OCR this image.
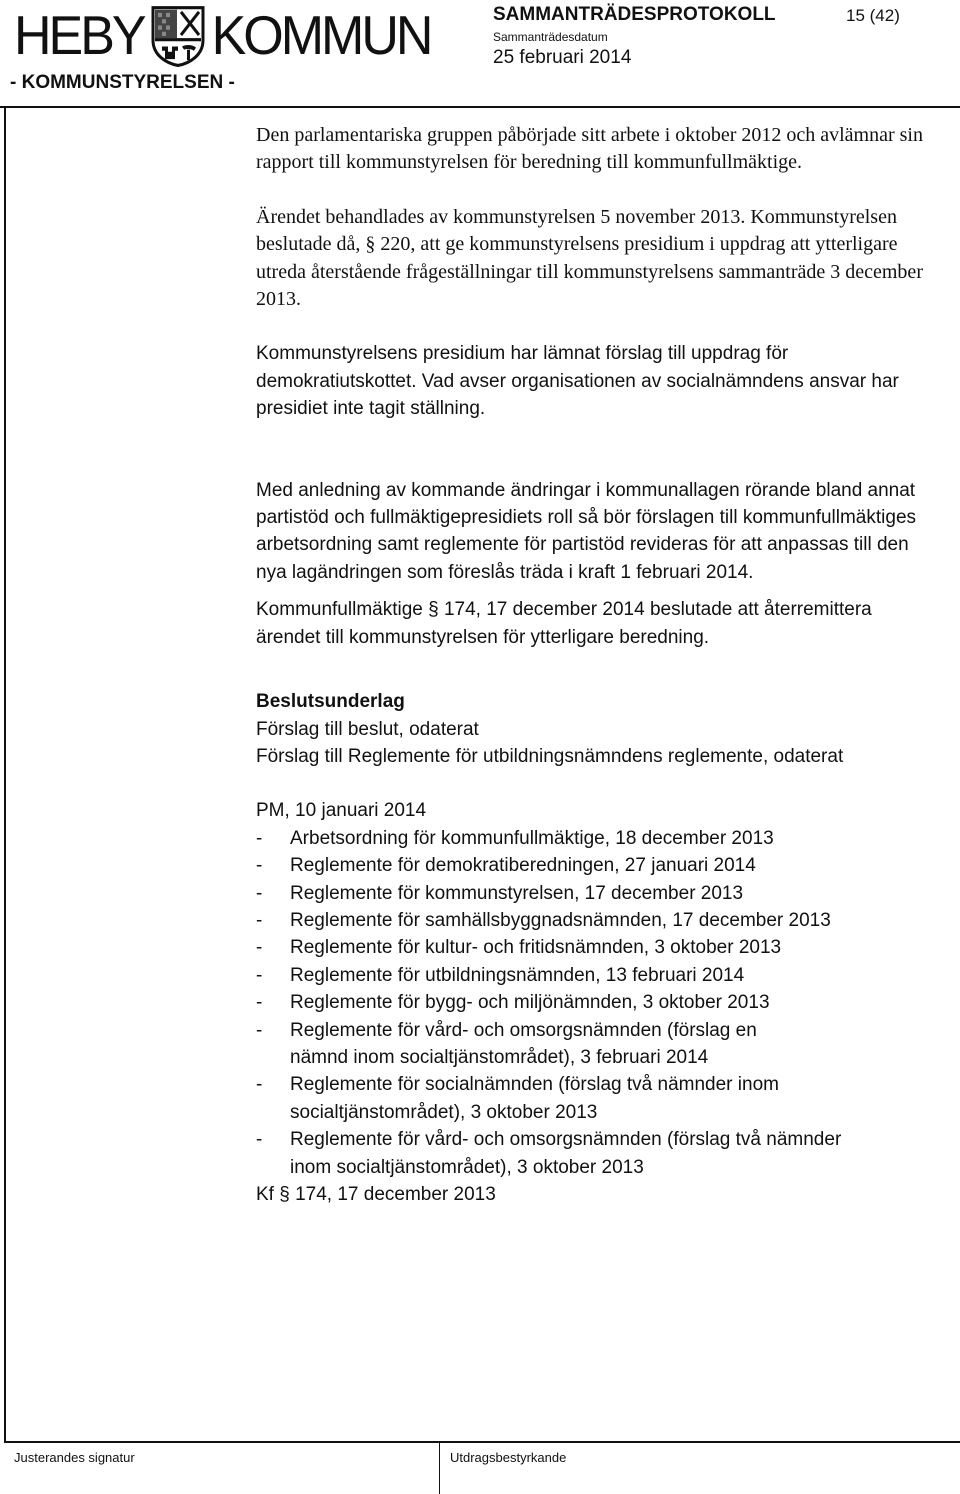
HEBY KOMMUN
- KOMMUNSTYRELSEN -
SAMMANTRÄDESPROTOKOLL	15 (42)
Sammanträdesdatum
25 februari 2014

Den parlamentariska gruppen påbörjade sitt arbete i oktober 2012 och avlämnar sin rapport till kommunstyrelsen för beredning till kommunfullmäktige.

Ärendet behandlades av kommunstyrelsen 5 november 2013. Kommunstyrelsen beslutade då, § 220, att ge kommunstyrelsens presidium i uppdrag att ytterligare utreda återstående frågeställningar till kommunstyrelsens sammanträde 3 december 2013.

Kommunstyrelsens presidium har lämnat förslag till uppdrag för demokratiutskottet. Vad avser organisationen av socialnämndens ansvar har presidiet inte tagit ställning.

Med anledning av kommande ändringar i kommunallagen rörande bland annat partistöd och fullmäktigepresidiets roll så bör förslagen till kommunfullmäktiges arbetsordning samt reglemente för partistöd revideras för att anpassas till den nya lagändringen som föreslås träda i kraft 1 februari 2014.

Kommunfullmäktige § 174, 17 december 2014 beslutade att återremittera ärendet till kommunstyrelsen för ytterligare beredning.

Beslutsunderlag

Förslag till beslut, odaterat

Förslag till Reglemente för utbildningsnämndens reglemente, odaterat

PM, 10 januari 2014

- Arbetsordning för kommunfullmäktige, 18 december 2013
- Reglemente för demokratiberedningen, 27 januari 2014
- Reglemente för kommunstyrelsen, 17 december 2013
- Reglemente för samhällsbyggnadsnämnden, 17 december 2013
- Reglemente för kultur- och fritidsnämnden, 3 oktober 2013
- Reglemente för utbildningsnämnden, 13 februari 2014
- Reglemente för bygg- och miljönämnden, 3 oktober 2013
- Reglemente för vård- och omsorgsnämnden (förslag en nämnd inom socialtjänstområdet), 3 februari 2014
- Reglemente för socialnämnden (förslag två nämnder inom socialtjänstområdet), 3 oktober 2013
- Reglemente för vård- och omsorgsnämnden (förslag två nämnder inom socialtjänstområdet), 3 oktober 2013

Kf § 174, 17 december 2013

Justerandes signatur	Utdragsbestyrkande
